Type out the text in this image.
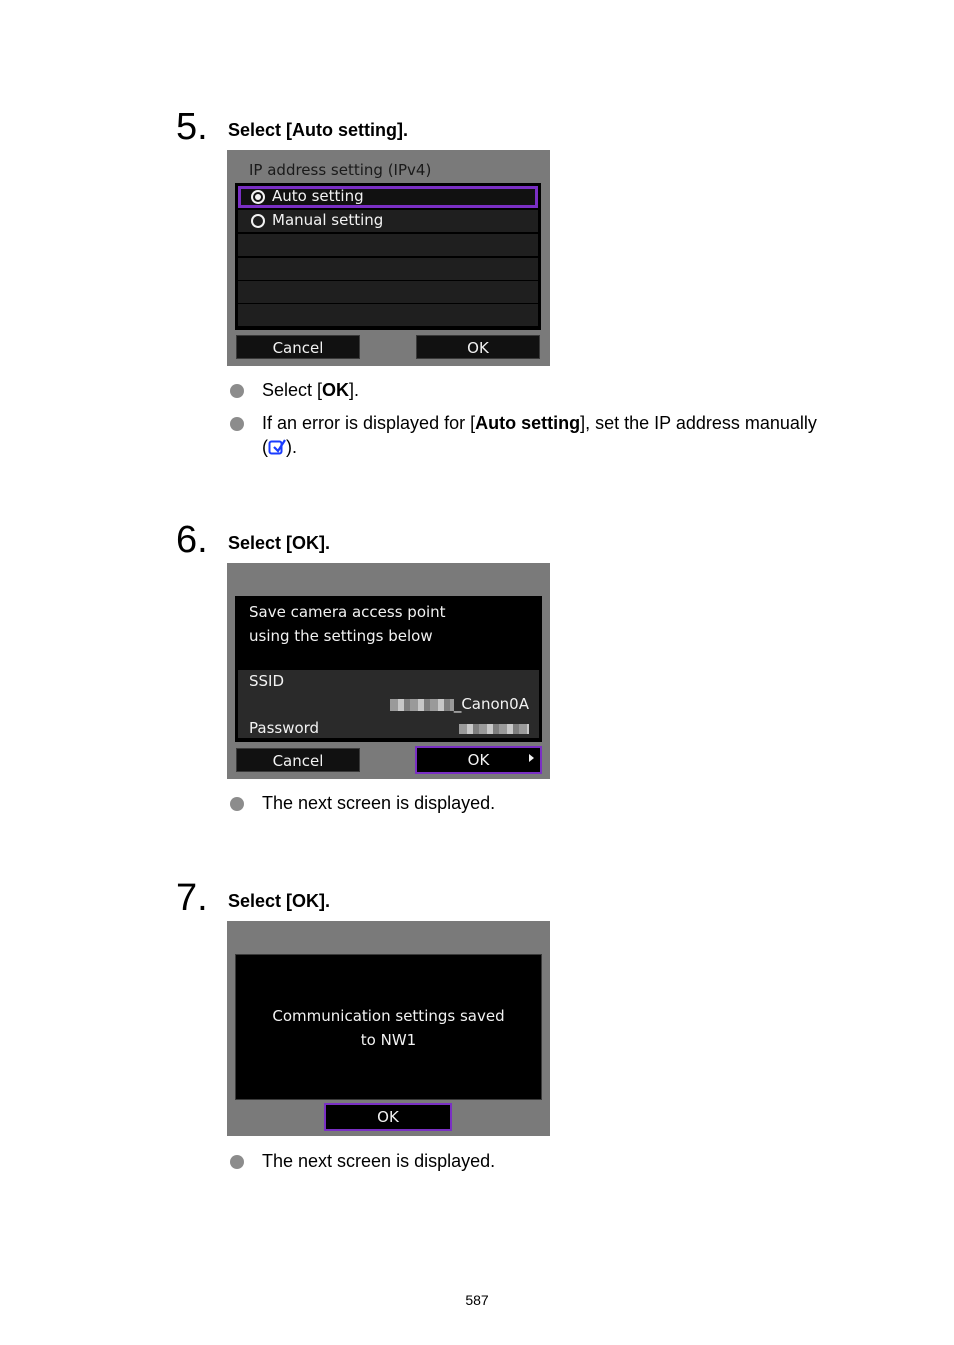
5. Select [Auto setting].
IP address setting (IPv4)
Auto setting
Manual setting
Cancel	OK
Select [OK].
If an error is displayed for [Auto setting], set the IP address manually
( ).
6. Select [OK].
Save camera access point
using the settings below
SSID
_Canon0A
Password
Cancel	OK
The next screen is displayed.
7. Select [OK].
Communication settings saved
to NW1
OK
The next screen is displayed.
587
